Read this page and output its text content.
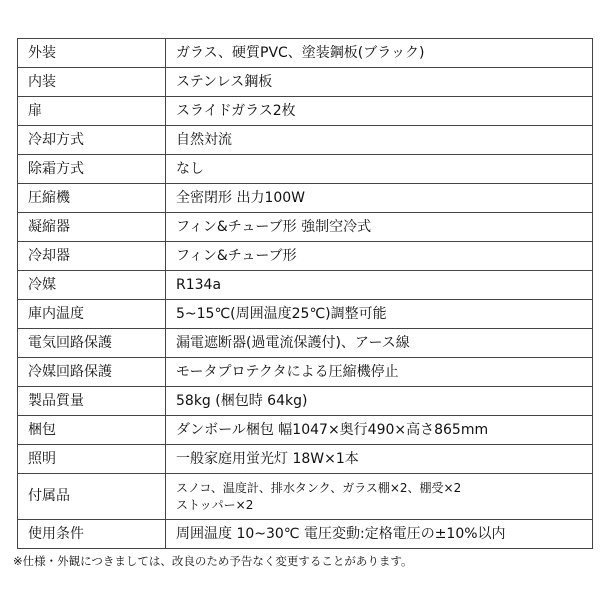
外装	ガラス、硬質PVC、塗装鋼板(ブラック)
内装	ステンレス鋼板
扉	スライドガラス2枚
冷却方式	自然対流
除霜方式	なし
圧縮機	全密閉形 出力100W
凝縮器	フィン&チューブ形 強制空冷式
冷却器	フィン&チューブ形
冷媒	R134a
庫内温度	5~15℃(周囲温度25℃)調整可能
電気回路保護	漏電遮断器(過電流保護付)、アース線
冷媒回路保護	モータプロテクタによる圧縮機停止
製品質量	58kg (梱包時 64kg)
梱包	ダンボール梱包 幅1047×奥行490×高さ865mm
照明	一般家庭用蛍光灯 18W×1本
付属品	スノコ、温度計、排水タンク、ガラス棚×2、棚受×2
ストッパー×2

使用条件	周囲温度 10~30℃ 電圧変動:定格電圧の±10%以内
※仕様・外観につきましては、改良のため予告なく変更することがあります。
